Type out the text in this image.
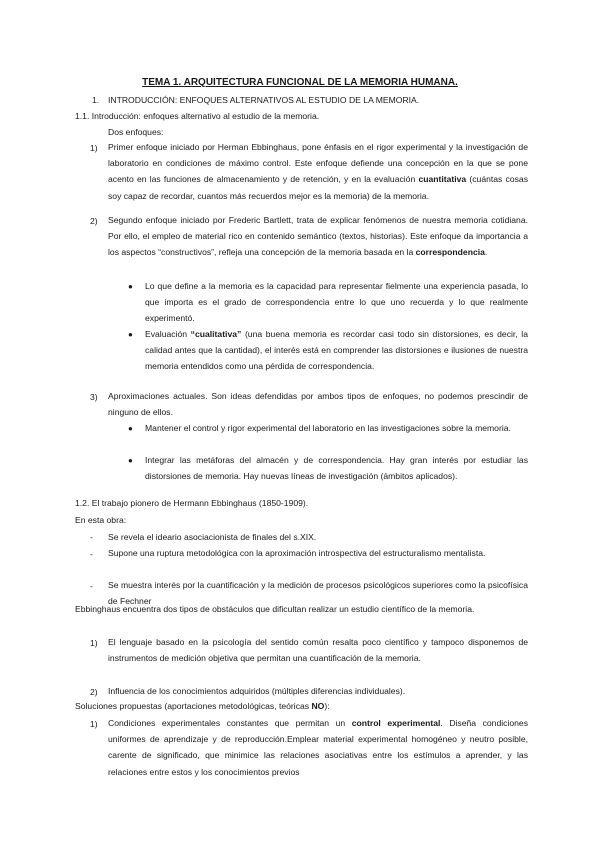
TEMA 1. ARQUITECTURA FUNCIONAL DE LA MEMORIA HUMANA.
1. INTRODUCCIÓN: ENFOQUES ALTERNATIVOS AL ESTUDIO DE LA MEMORIA.
1.1. Introducción: enfoques alternativo al estudio de la memoria.
Dos enfoques:
1) Primer enfoque iniciado por Herman Ebbinghaus, pone énfasis en el rigor experimental y la investigación de laboratorio en condiciones de máximo control. Este enfoque defiende una concepción en la que se pone acento en las funciones de almacenamiento y de retención, y en la evaluación cuantitativa (cuántas cosas soy capaz de recordar, cuantos más recuerdos mejor es la memoria) de la memoria.
2) Segundo enfoque iniciado por Frederic Bartlett, trata de explicar fenómenos de nuestra memoria cotidiana. Por ello, el empleo de material rico en contenido semántico (textos, historias). Este enfoque da importancia a los aspectos “constructivos”, refleja una concepción de la memoria basada en la correspondencia.
● Lo que define a la memoria es la capacidad para representar fielmente una experiencia pasada, lo que importa es el grado de correspondencia entre lo que uno recuerda y lo que realmente experimentó.
● Evaluación “cualitativa” (una buena memoria es recordar casi todo sin distorsiones, es decir, la calidad antes que la cantidad), el interés está en comprender las distorsiones e ilusiones de nuestra memoria entendidos como una pérdida de correspondencia.
3) Aproximaciones actuales. Son ideas defendidas por ambos tipos de enfoques, no podemos prescindir de ninguno de ellos.
● Mantener el control y rigor experimental del laboratorio en las investigaciones sobre la memoria.
● Integrar las metáforas del almacén y de correspondencia. Hay gran interés por estudiar las distorsiones de memoria. Hay nuevas líneas de investigación (ámbitos aplicados).
1.2. El trabajo pionero de Hermann Ebbinghaus (1850-1909).
En esta obra:
- Se revela el ideario asociacionista de finales del s.XIX.
- Supone una ruptura metodológica con la aproximación introspectiva del estructuralismo mentalista.
- Se muestra interés por la cuantificación y la medición de procesos psicológicos superiores como la psicofísica de Fechner
Ebbinghaus encuentra dos tipos de obstáculos que dificultan realizar un estudio científico de la memoria.
1) El lenguaje basado en la psicología del sentido común resalta poco científico y tampoco disponemos de instrumentos de medición objetiva que permitan una cuantificación de la memoria.
2) Influencia de los conocimientos adquiridos (múltiples diferencias individuales).
Soluciones propuestas (aportaciones metodológicas, teóricas NO):
1) Condiciones experimentales constantes que permitan un control experimental. Diseña condiciones uniformes de aprendizaje y de reproducción.Emplear material experimental homogéneo y neutro posible, carente de significado, que minimice las relaciones asociativas entre los estímulos a aprender, y las relaciones entre estos y los conocimientos previos
